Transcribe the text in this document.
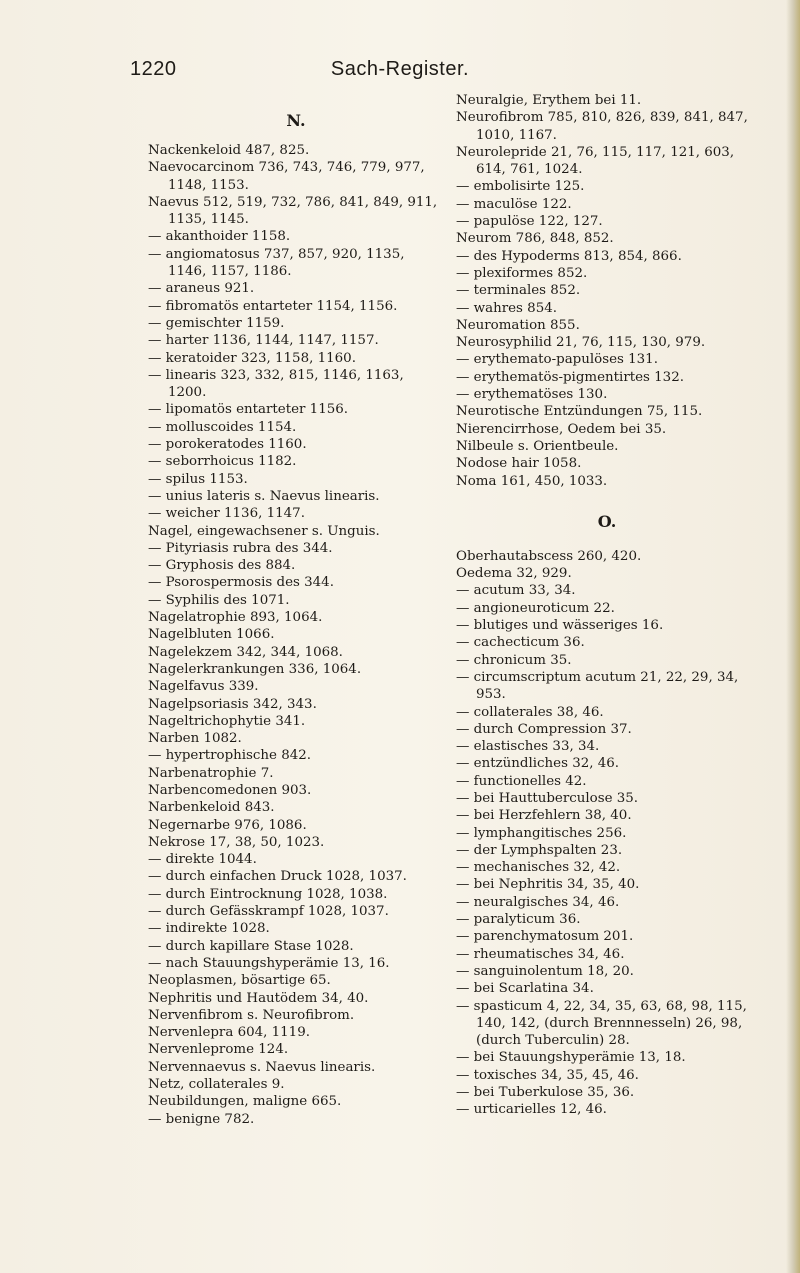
1220	Sach-Register.
N.

Nackenkeloid 487, 825.

Naevocarcinom 736, 743, 746, 779, 977, 1148, 1153.

Naevus 512, 519, 732, 786, 841, 849, 911, 1135, 1145.

— akanthoider 1158.

— angiomatosus 737, 857, 920, 1135, 1146, 1157, 1186.

— araneus 921.

— fibromatös entarteter 1154, 1156.

— gemischter 1159.

— harter 1136, 1144, 1147, 1157.

— keratoider 323, 1158, 1160.

— linearis 323, 332, 815, 1146, 1163, 1200.

— lipomatös entarteter 1156.

— molluscoides 1154.

— porokeratodes 1160.

— seborrhoicus 1182.

— spilus 1153.

— unius lateris s. Naevus linearis.

— weicher 1136, 1147.

Nagel, eingewachsener s. Unguis.

— Pityriasis rubra des 344.

— Gryphosis des 884.

— Psorospermosis des 344.

— Syphilis des 1071.

Nagelatrophie 893, 1064.

Nagelbluten 1066.

Nagelekzem 342, 344, 1068.

Nagelerkrankungen 336, 1064.

Nagelfavus 339.

Nagelpsoriasis 342, 343.

Nageltrichophytie 341.

Narben 1082.

— hypertrophische 842.

Narbenatrophie 7.

Narbencomedonen 903.

Narbenkeloid 843.

Negernarbe 976, 1086.

Nekrose 17, 38, 50, 1023.

— direkte 1044.

— durch einfachen Druck 1028, 1037.

— durch Eintrocknung 1028, 1038.

— durch Gefässkrampf 1028, 1037.

— indirekte 1028.

— durch kapillare Stase 1028.

— nach Stauungshyperämie 13, 16.

Neoplasmen, bösartige 65.

Nephritis und Hautödem 34, 40.

Nervenfibrom s. Neurofibrom.

Nervenlepra 604, 1119.

Nervenleprome 124.

Nervennaevus s. Naevus linearis.

Netz, collaterales 9.

Neubildungen, maligne 665.

— benigne 782.

Neuralgie, Erythem bei 11.

Neurofibrom 785, 810, 826, 839, 841, 847, 1010, 1167.

Neurolepride 21, 76, 115, 117, 121, 603, 614, 761, 1024.

— embolisirte 125.

— maculöse 122.

— papulöse 122, 127.

Neurom 786, 848, 852.

— des Hypoderms 813, 854, 866.

— plexiformes 852.

— terminales 852.

— wahres 854.

Neuromation 855.

Neurosyphilid 21, 76, 115, 130, 979.

— erythemato-papulöses 131.

— erythematös-pigmentirtes 132.

— erythematöses 130.

Neurotische Entzündungen 75, 115.

Nierencirrhose, Oedem bei 35.

Nilbeule s. Orientbeule.

Nodose hair 1058.

Noma 161, 450, 1033.

O.

Oberhautabscess 260, 420.

Oedema 32, 929.

— acutum 33, 34.

— angioneuroticum 22.

— blutiges und wässeriges 16.

— cachecticum 36.

— chronicum 35.

— circumscriptum acutum 21, 22, 29, 34, 953.

— collaterales 38, 46.

— durch Compression 37.

— elastisches 33, 34.

— entzündliches 32, 46.

— functionelles 42.

— bei Hauttuberculose 35.

— bei Herzfehlern 38, 40.

— lymphangitisches 256.

— der Lymphspalten 23.

— mechanisches 32, 42.

— bei Nephritis 34, 35, 40.

— neuralgisches 34, 46.

— paralyticum 36.

— parenchymatosum 201.

— rheumatisches 34, 46.

— sanguinolentum 18, 20.

— bei Scarlatina 34.

— spasticum 4, 22, 34, 35, 63, 68, 98, 115, 140, 142, (durch Brennnesseln) 26, 98, (durch Tuberculin) 28.

— bei Stauungshyperämie 13, 18.

— toxisches 34, 35, 45, 46.

— bei Tuberkulose 35, 36.

— urticarielles 12, 46.
